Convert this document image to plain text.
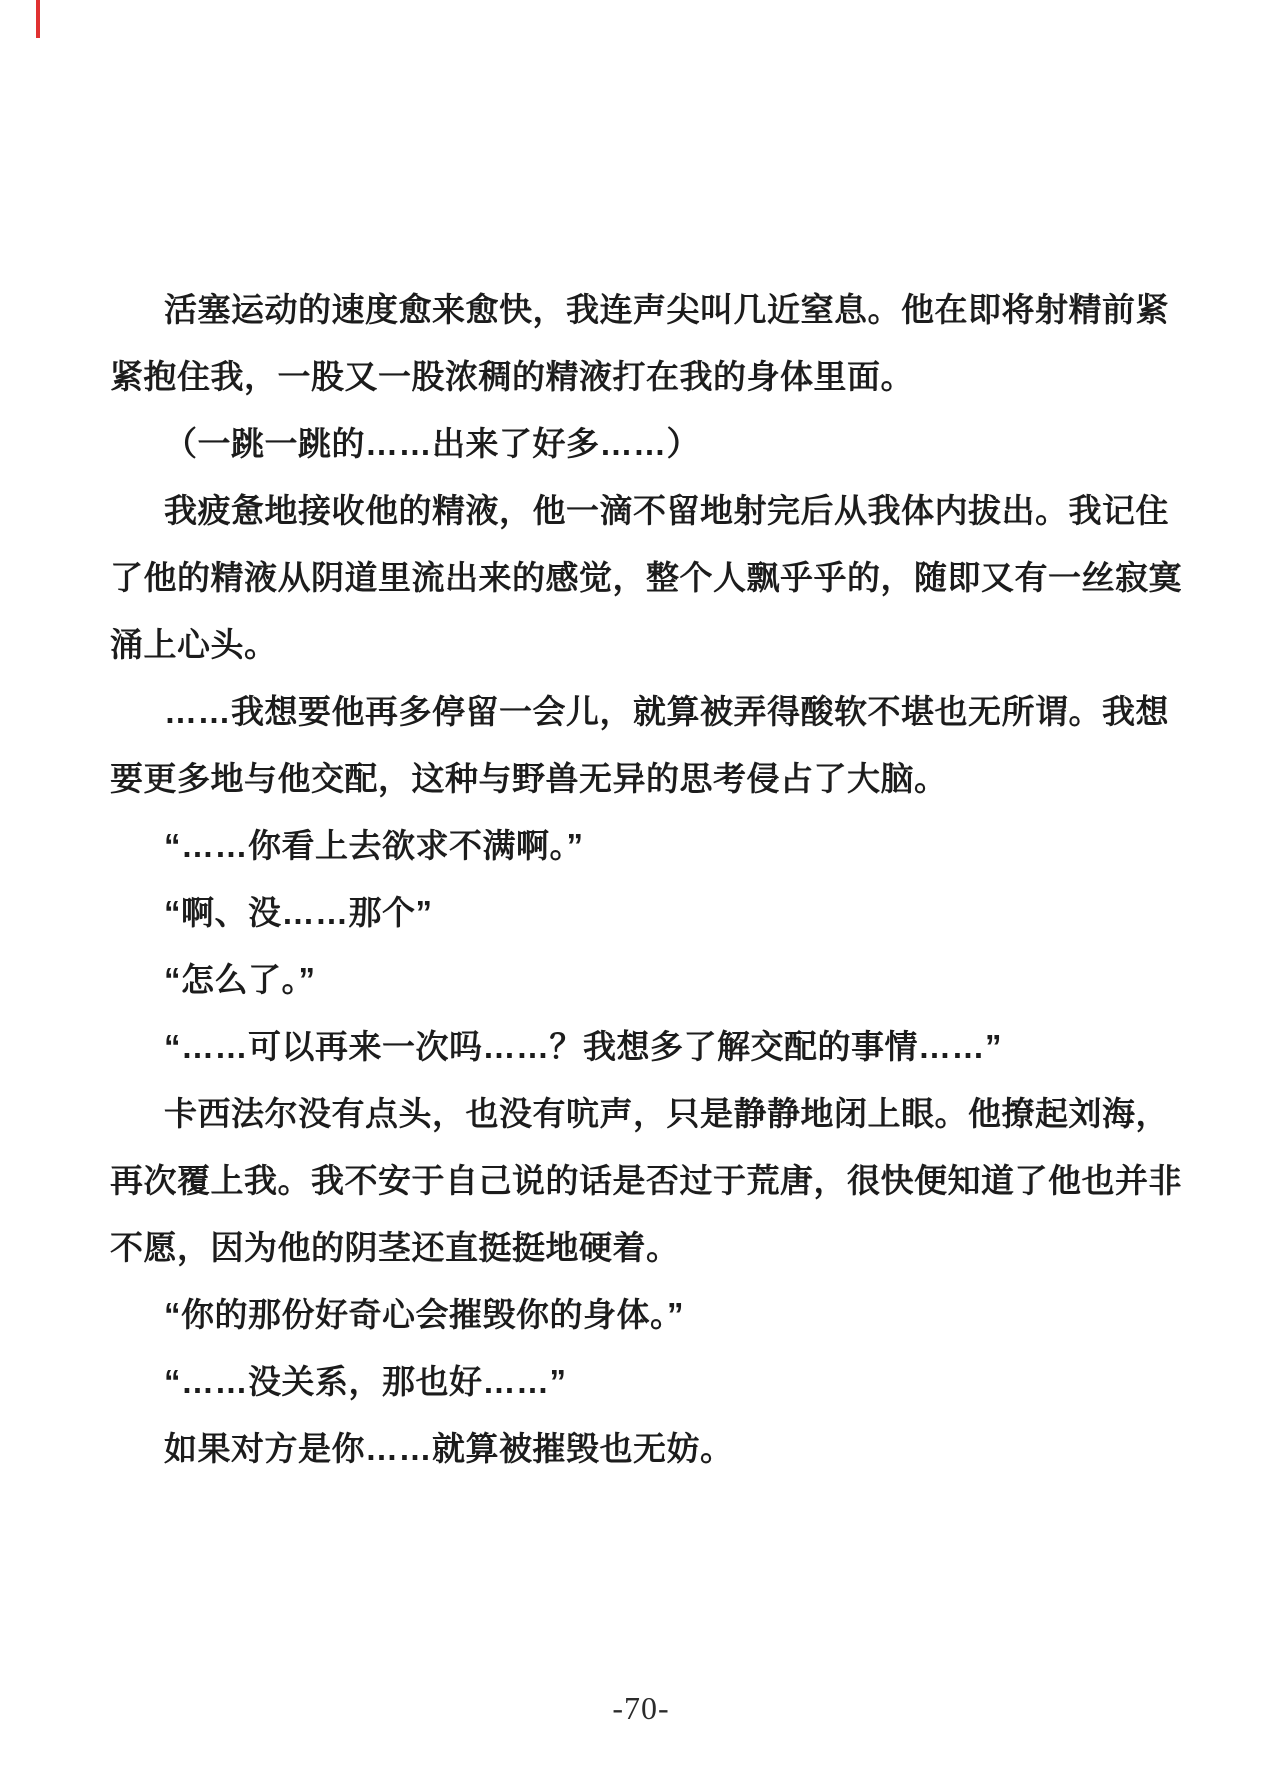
活塞运动的速度愈来愈快，我连声尖叫几近窒息。他在即将射精前紧
紧抱住我，一股又一股浓稠的精液打在我的身体里面。
（一跳一跳的……出来了好多……）
我疲惫地接收他的精液，他一滴不留地射完后从我体内拔出。我记住
了他的精液从阴道里流出来的感觉，整个人飘乎乎的，随即又有一丝寂寞
涌上心头。
……我想要他再多停留一会儿，就算被弄得酸软不堪也无所谓。我想
要更多地与他交配，这种与野兽无异的思考侵占了大脑。
“……你看上去欲求不满啊。”
“啊、没……那个”
“怎么了。”
“……可以再来一次吗……？我想多了解交配的事情……”
卡西法尔没有点头，也没有吭声，只是静静地闭上眼。他撩起刘海，
再次覆上我。我不安于自己说的话是否过于荒唐，很快便知道了他也并非
不愿，因为他的阴茎还直挺挺地硬着。
“你的那份好奇心会摧毁你的身体。”
“……没关系，那也好……”
如果对方是你……就算被摧毁也无妨。
-70-
